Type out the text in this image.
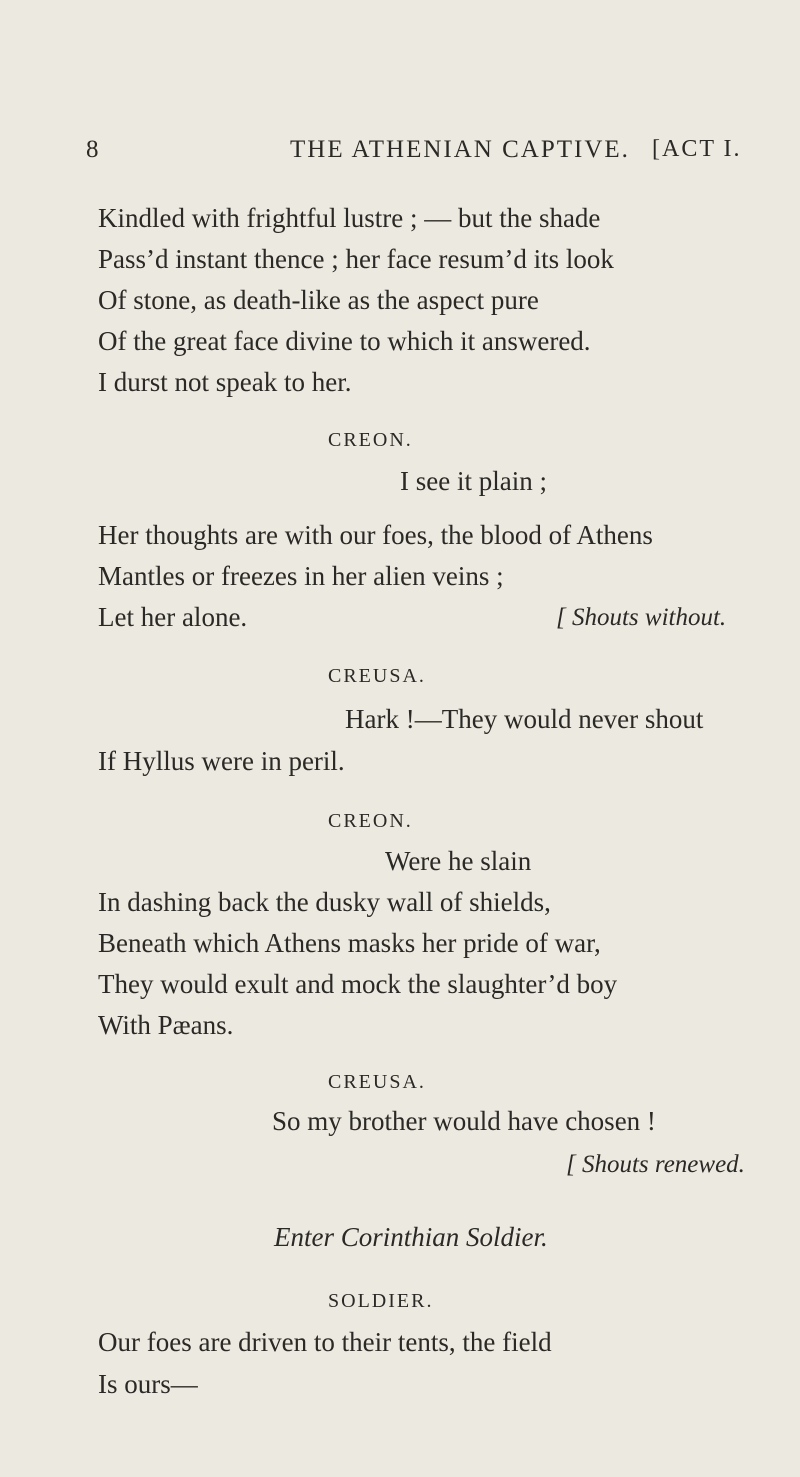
8	THE ATHENIAN CAPTIVE. [ACT I.
Kindled with frightful lustre ; — but the shade
Pass’d instant thence ; her face resum’d its look
Of stone, as death-like as the aspect pure
Of the great face divine to which it answered.
I durst not speak to her.
CREON.
I see it plain ;
Her thoughts are with our foes, the blood of Athens
Mantles or freezes in her alien veins ;
Let her alone.	[ Shouts without.
CREUSA.
Hark !—They would never shout
If Hyllus were in peril.
CREON.
Were he slain
In dashing back the dusky wall of shields,
Beneath which Athens masks her pride of war,
They would exult and mock the slaughter’d boy
With Pæans.
CREUSA.
So my brother would have chosen !
[ Shouts renewed.
Enter Corinthian Soldier.
SOLDIER.
Our foes are driven to their tents, the field
Is ours—
